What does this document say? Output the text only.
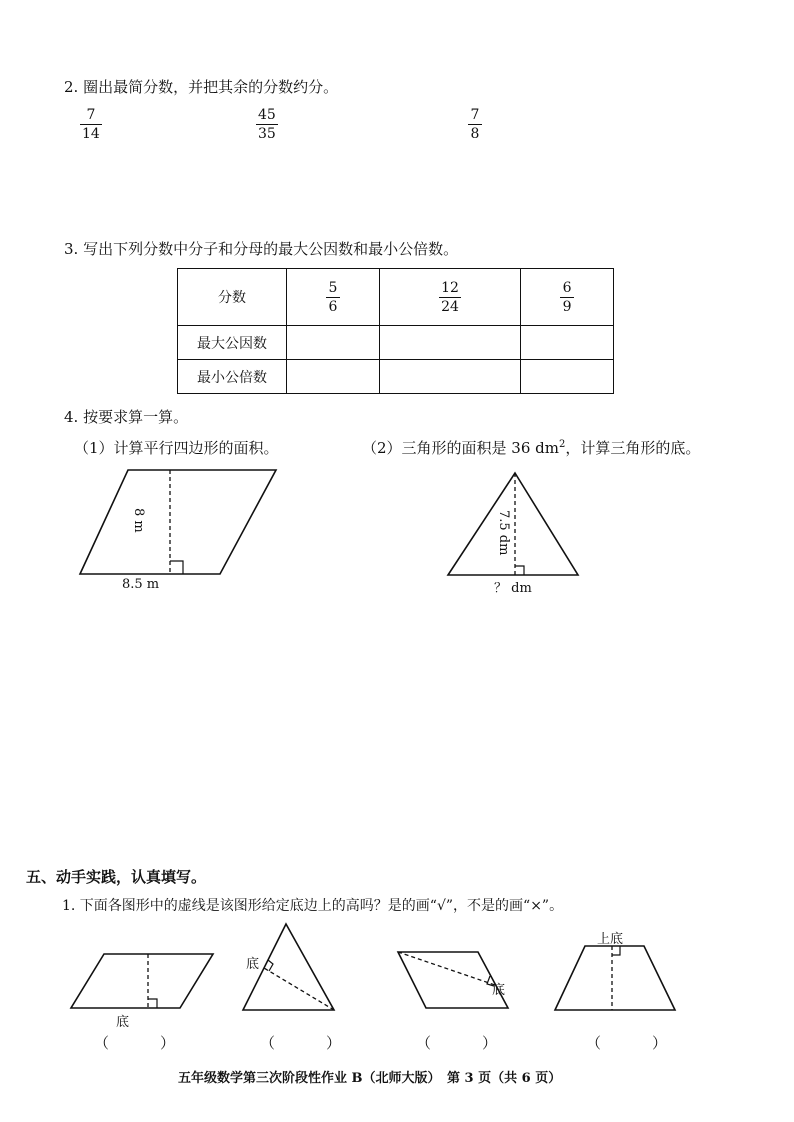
2. 圈出最简分数，并把其余的分数约分。
7
14
45
35
7
8
3. 写出下列分数中分子和分母的最大公因数和最小公倍数。
分数	$\frac{5}{6}$	$\frac{12}{24}$	$\frac{6}{9}$

最大公因数			
最小公倍数			
4. 按要求算一算。
（1）计算平行四边形的面积。	（2）三角形的面积是 36 $dm^2$，计算三角形的底。
8 m
8.5 m
7.5 dm
？ dm
五、动手实践，认真填写。
1. 下面各图形中的虚线是该图形给定底边上的高吗？是的画“√”，不是的画“×”。
底
底
底
上底
（　）	（　）	（　）	（　）
五年级数学第三次阶段性作业 B（北师大版）　第 3 页（共 6 页）
